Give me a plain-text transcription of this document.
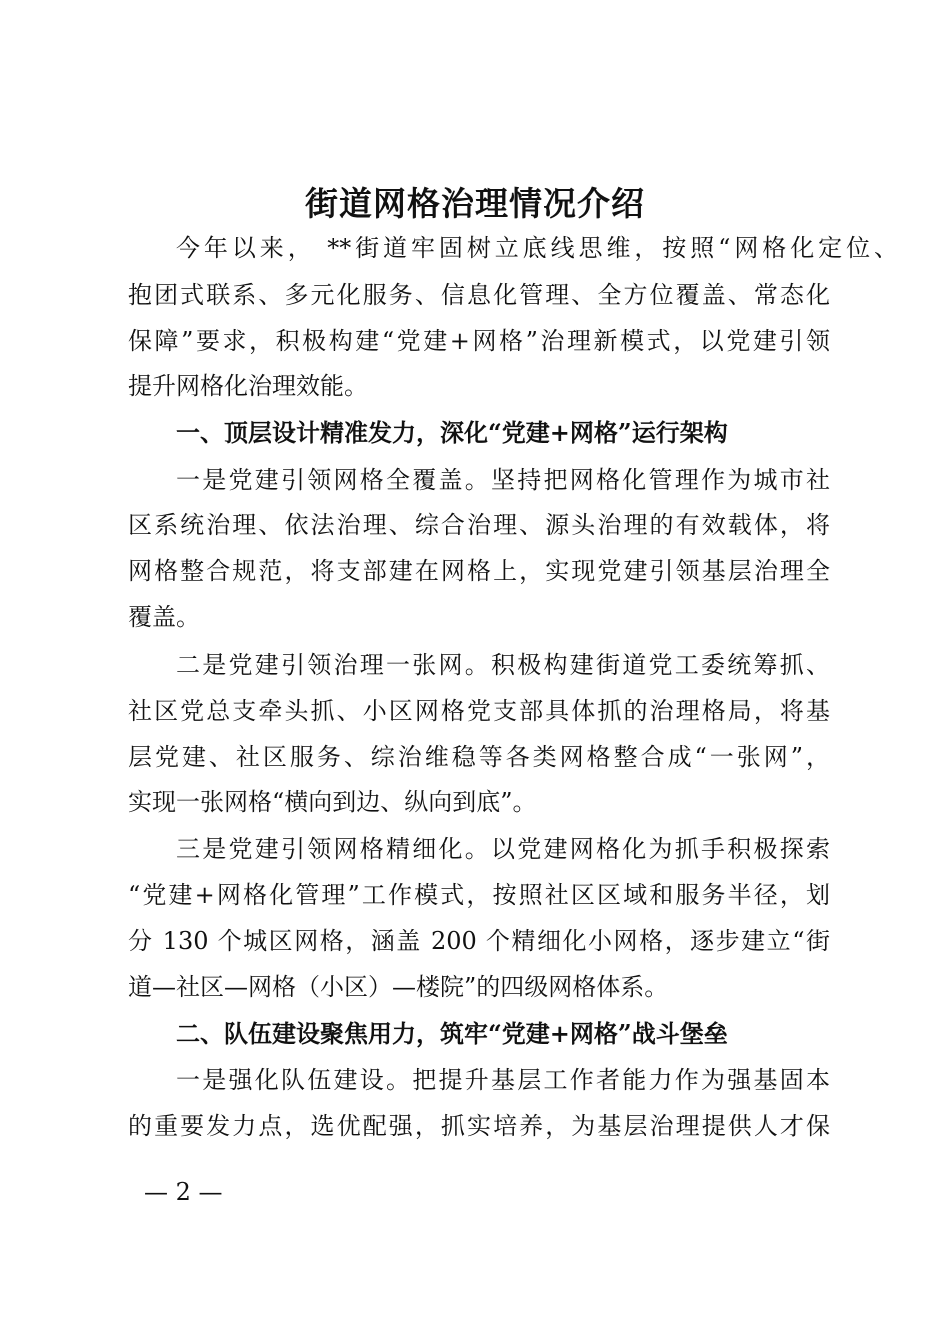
街道网格治理情况介绍
今年以来， **街道牢固树立底线思维，按照“网格化定位、
抱团式联系、多元化服务、信息化管理、全方位覆盖、常态化
保障”要求，积极构建“党建+网格”治理新模式，以党建引领
提升网格化治理效能。
一、顶层设计精准发力，深化“党建+网格”运行架构
一是党建引领网格全覆盖。坚持把网格化管理作为城市社
区系统治理、依法治理、综合治理、源头治理的有效载体，将
网格整合规范，将支部建在网格上，实现党建引领基层治理全
覆盖。
二是党建引领治理一张网。积极构建街道党工委统筹抓、
社区党总支牵头抓、小区网格党支部具体抓的治理格局，将基
层党建、社区服务、综治维稳等各类网格整合成“一张网”，
实现一张网格“横向到边、纵向到底”。
三是党建引领网格精细化。以党建网格化为抓手积极探索
“党建+网格化管理”工作模式，按照社区区域和服务半径，划
分 130 个城区网格，涵盖 200 个精细化小网格，逐步建立“街
道—社区—网格（小区）—楼院”的四级网格体系。
二、队伍建设聚焦用力，筑牢“党建+网格”战斗堡垒
一是强化队伍建设。把提升基层工作者能力作为强基固本
的重要发力点，选优配强，抓实培养，为基层治理提供人才保
— 2 —
